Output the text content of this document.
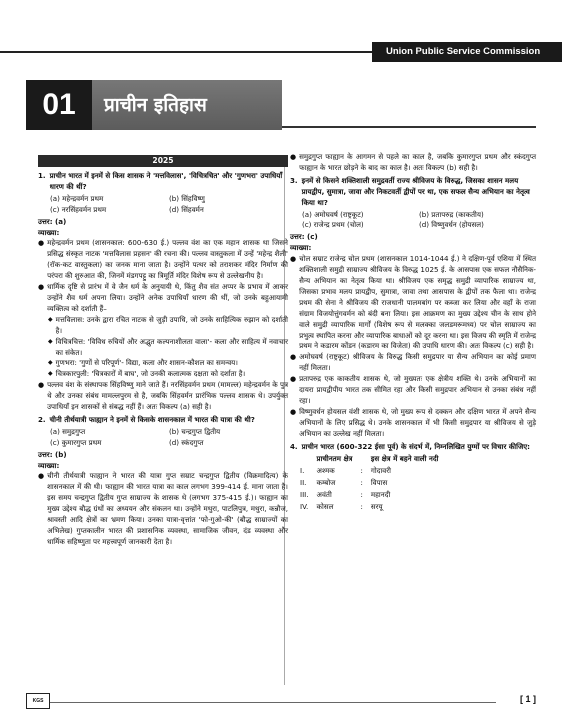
Union Public Service Commission
01	प्राचीन इतिहास
2025
1. प्राचीन भारत में इनमें से किस शासक ने 'मत्तविलास', 'विचित्रचित' और 'गुणभरा' उपाधियाँ धारण की थीं?
(a) महेन्द्रवर्मन प्रथम	(b) सिंहविष्णु
(c) नरसिंहवर्मन प्रथम	(d) सिंहवर्मन
उत्तर: (a)
व्याख्या:
● महेन्द्रवर्मन प्रथम (शासनकाल: 600-630 ई.) पल्लव वंश का एक महान शासक था जिसने प्रसिद्ध संस्कृत नाटक 'मत्तविलास प्रहसन' की रचना की। पल्लव वास्तुकला में उन्हें 'महेन्द्र शैली' (रॉक-कट वास्तुकला) का जनक माना जाता है। उन्होंने पत्थर को तराशकर मंदिर निर्माण की परंपरा की शुरुआत की, जिनमें मंडगपट्टु का त्रिमूर्ति मंदिर विशेष रूप से उल्लेखनीय है।
● धार्मिक दृष्टि से प्रारंभ में वे जैन धर्म के अनुयायी थे, किंतु शैव संत अप्पर के प्रभाव में आकर उन्होंने शैव धर्म अपना लिया। उन्होंने अनेक उपाधियाँ धारण की थीं, जो उनके बहुआयामी व्यक्तित्व को दर्शाती हैं–
◆ मत्तविलास: उनके द्वारा रचित नाटक से जुड़ी उपाधि, जो उनके साहित्यिक रुझान को दर्शाती है।
◆ विचित्रचित्त: 'विविध रुचियों और अद्भुत कल्पनाशीलता वाला'- कला और साहित्य में नवाचार का संकेत।
◆ गुणभरा: 'गुणों से परिपूर्ण'- विद्या, कला और शासन-कौशल का समन्वय।
◆ चित्रकारपुली: 'चित्रकारों में बाघ', जो उनकी कलात्मक दक्षता को दर्शाता है।
● पल्लव वंश के संस्थापक सिंहविष्णु माने जाते हैं। नरसिंहवर्मन प्रथम (मामल्ल) महेन्द्रवर्मन के पुत्र थे और उनका संबंध मामल्लपुरम से है, जबकि सिंहवर्मन प्रारंभिक पल्लव शासक थे। उपर्युक्त उपाधियाँ इन शासकों से संबद्ध नहीं हैं। अतः विकल्प (a) सही है।
2. चीनी तीर्थयात्री फाह्यान ने इनमें से किसके शासनकाल में भारत की यात्रा की थी?
(a) समुद्रगुप्त	(b) चन्द्रगुप्त द्वितीय
(c) कुमारगुप्त प्रथम	(d) स्कंदगुप्त
उत्तर: (b)
व्याख्या:
● चीनी तीर्थयात्री फाह्यान ने भारत की यात्रा गुप्त सम्राट चन्द्रगुप्त द्वितीय (विक्रमादित्य) के शासनकाल में की थी। फाह्यान की भारत यात्रा का काल लगभग 399-414 ई. माना जाता है। इस समय चन्द्रगुप्त द्वितीय गुप्त साम्राज्य के शासक थे (लगभग 375-415 ई.)। फाह्यान का मुख्य उद्देश्य बौद्ध ग्रंथों का अध्ययन और संकलन था। उन्होंने मथुरा, पाटलिपुत्र, मथुरा, कन्नौज, श्रावस्ती आदि क्षेत्रों का भ्रमण किया। उनका यात्रा-वृत्तांत 'फो-गुओ-की' (बौद्ध साम्राज्यों का अभिलेख) गुप्तकालीन भारत की प्रशासनिक व्यवस्था, सामाजिक जीवन, दंड व्यवस्था और धार्मिक सहिष्णुता पर महत्त्वपूर्ण जानकारी देता है।
● समुद्रगुप्त फाह्यान के आगमन से पहले का काल है, जबकि कुमारगुप्त प्रथम और स्कंदगुप्त फाह्यान के भारत छोड़ने के बाद का काल है। अतः विकल्प (b) सही है।
3. इनमें से किसने शक्तिशाली समुद्रवर्ती राज्य श्रीविजय के विरुद्ध, जिसका शासन मलय प्रायद्वीप, सुमात्रा, जावा और निकटवर्ती द्वीपों पर था, एक सफल सैन्य अभियान का नेतृत्व किया था?
(a) अमोघवर्ष (राष्ट्रकूट)	(b) प्रतापरुद्र (काकतीय)
(c) राजेन्द्र प्रथम (चोल)	(d) विष्णुवर्धन (होयसल)
उत्तर: (c)
व्याख्या:
● चोल सम्राट राजेन्द्र चोल प्रथम (शासनकाल 1014-1044 ई.) ने दक्षिण-पूर्व एशिया में स्थित शक्तिशाली समुद्री साम्राज्य श्रीविजय के विरुद्ध 1025 ई. के आसपास एक सफल नौसैनिक-सैन्य अभियान का नेतृत्व किया था। श्रीविजय एक समृद्ध समुद्री व्यापारिक साम्राज्य था, जिसका प्रभाव मलय प्रायद्वीप, सुमात्रा, जावा तथा आसपास के द्वीपों तक फैला था। राजेन्द्र प्रथम की सेना ने श्रीविजय की राजधानी पालमबांग पर कब्जा कर लिया और वहाँ के राजा संग्राम विजयोत्तुंगवर्मन को बंदी बना लिया। इस आक्रमण का मुख्य उद्देश्य चीन के साथ होने वाले समुद्री व्यापारिक मार्गों (विशेष रूप से मलक्का जलडमरूमध्य) पर चोल साम्राज्य का प्रभुत्व स्थापित करना और व्यापारिक बाधाओं को दूर करना था। इस विजय की स्मृति में राजेन्द्र प्रथम ने कडारम कोंडन (कडारम का विजेता) की उपाधि धारण की। अतः विकल्प (c) सही है।
● अमोघवर्ष (राष्ट्रकूट) श्रीविजय के विरुद्ध किसी समुद्रपार या सैन्य अभियान का कोई प्रमाण नहीं मिलता।
● प्रतापरुद्र एक काकतीय शासक थे, जो मुख्यतः एक क्षेत्रीय शक्ति थे। उनके अभियानों का दायरा प्रायद्वीपीय भारत तक सीमित रहा और किसी समुद्रपार अभियान से उनका संबंध नहीं रहा।
● विष्णुवर्धन होयसल वंशी शासक थे, जो मुख्य रूप से दक्कन और दक्षिण भारत में अपने सैन्य अभियानों के लिए प्रसिद्ध थे। उनके शासनकाल में भी किसी समुद्रपार या श्रीविजय से जुड़े अभियान का उल्लेख नहीं मिलता।
4. प्राचीन भारत (600-322 ईसा पूर्व) के संदर्भ में, निम्नलिखित युग्मों पर विचार कीजिए:
	प्राचीनतम क्षेत्र		इस क्षेत्र में बहने वाली नदी
I.	अश्मक	:	गोदावरी
II.	कम्बोज	:	विपास
III.	अवंती	:	महानदी
IV.	कोसल	:	सरयू
KGS	[ 1 ]
